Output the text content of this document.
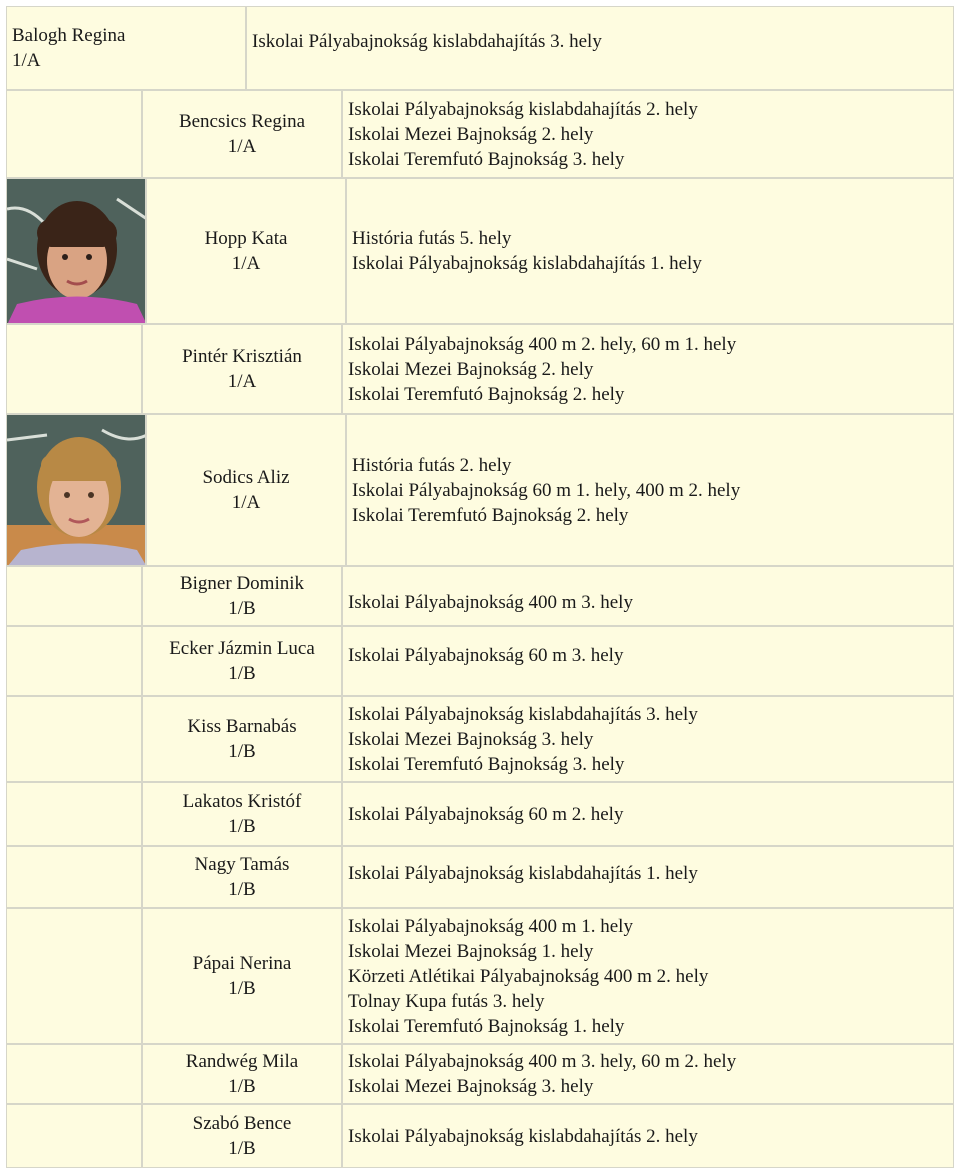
Balogh Regina
1/A
Iskolai Pályabajnokság kislabdahajítás 3. hely
Bencsics Regina
1/A
Iskolai Pályabajnokság kislabdahajítás 2. hely
Iskolai Mezei Bajnokság 2. hely
Iskolai Teremfutó Bajnokság 3. hely
Hopp Kata
1/A
História futás 5. hely
Iskolai Pályabajnokság kislabdahajítás 1. hely
Pintér Krisztián
1/A
Iskolai Pályabajnokság 400 m 2. hely, 60 m 1. hely
Iskolai Mezei Bajnokság 2. hely
Iskolai Teremfutó Bajnokság 2. hely
Sodics Aliz
1/A
História futás 2. hely
Iskolai Pályabajnokság 60 m 1. hely, 400 m 2. hely
Iskolai Teremfutó Bajnokság 2. hely
Bigner Dominik
1/B	Iskolai Pályabajnokság 400 m 3. hely
Ecker Jázmin Luca
1/B
Iskolai Pályabajnokság 60 m 3. hely
Kiss Barnabás
1/B
Iskolai Pályabajnokság kislabdahajítás 3. hely
Iskolai Mezei Bajnokság 3. hely
Iskolai Teremfutó Bajnokság 3. hely
Lakatos Kristóf
1/B
Iskolai Pályabajnokság 60 m 2. hely
Nagy Tamás
1/B
Iskolai Pályabajnokság kislabdahajítás 1. hely
Pápai Nerina
1/B
Iskolai Pályabajnokság 400 m 1. hely
Iskolai Mezei Bajnokság 1. hely
Körzeti Atlétikai Pályabajnokság 400 m 2. hely
Tolnay Kupa futás 3. hely
Iskolai Teremfutó Bajnokság 1. hely
Randwég Mila
1/B
Iskolai Pályabajnokság 400 m 3. hely, 60 m 2. hely
Iskolai Mezei Bajnokság 3. hely
Szabó Bence
1/B
Iskolai Pályabajnokság kislabdahajítás 2. hely
